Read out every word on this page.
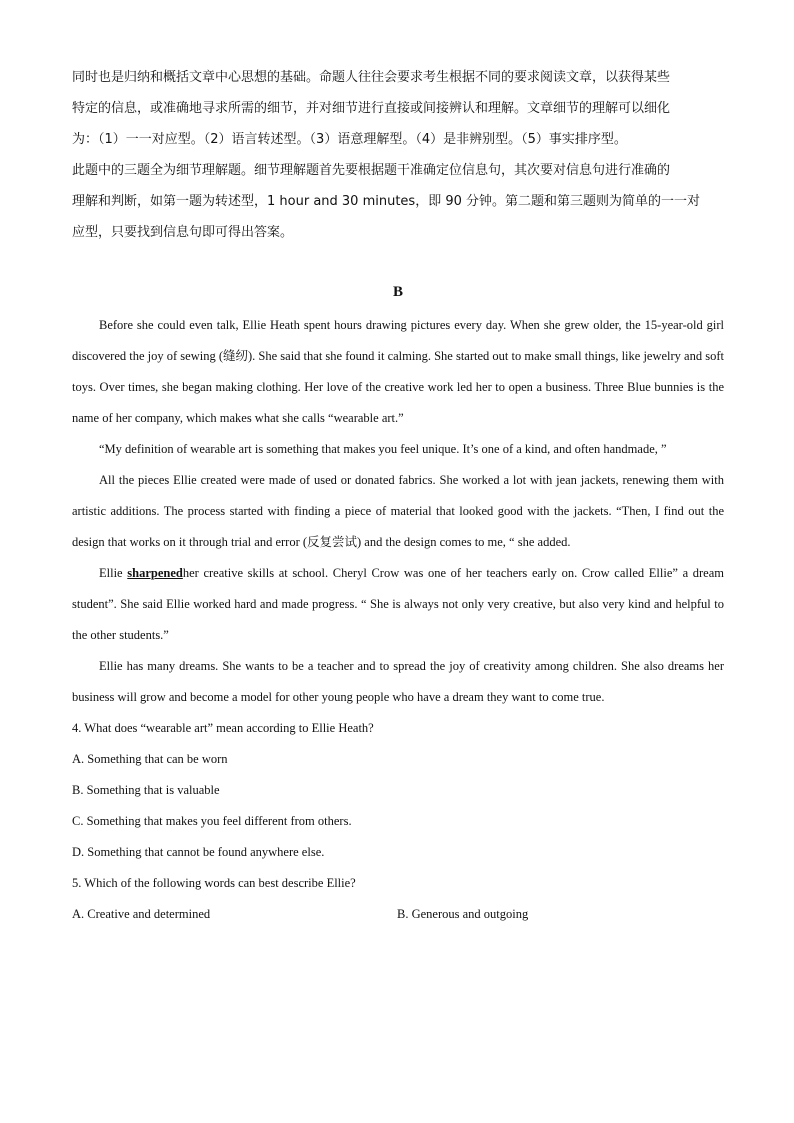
同时也是归纳和概括文章中心思想的基础。命题人往往会要求考生根据不同的要求阅读文章，以获得某些

特定的信息，或准确地寻求所需的细节，并对细节进行直接或间接辨认和理解。文章细节的理解可以细化

为：（1）一一对应型。（2）语言转述型。（3）语意理解型。（4）是非辨别型。（5）事实排序型。

此题中的三题全为细节理解题。细节理解题首先要根据题干准确定位信息句，其次要对信息句进行准确的

理解和判断，如第一题为转述型，1 hour and 30 minutes，即 90 分钟。第二题和第三题则为简单的一一对

应型，只要找到信息句即可得出答案。

B

Before she could even talk, Ellie Heath spent hours drawing pictures every day. When she grew older, the 15-year-old girl discovered the joy of sewing (缝纫). She said that she found it calming. She started out to make small things, like jewelry and soft toys. Over times, she began making clothing. Her love of the creative work led her to open a business. Three Blue bunnies is the name of her company, which makes what she calls “wearable art.”

“My definition of wearable art is something that makes you feel unique. It’s one of a kind, and often handmade, ”

All the pieces Ellie created were made of used or donated fabrics. She worked a lot with jean jackets, renewing them with artistic additions. The process started with finding a piece of material that looked good with the jackets. “Then, I find out the design that works on it through trial and error (反复尝试) and the design comes to me, “ she added.

Ellie sharpenedher creative skills at school. Cheryl Crow was one of her teachers early on. Crow called Ellie” a dream student”. She said Ellie worked hard and made progress. “ She is always not only very creative, but also very kind and helpful to the other students.”

Ellie has many dreams. She wants to be a teacher and to spread the joy of creativity among children. She also dreams her business will grow and become a model for other young people who have a dream they want to come true.

4. What does “wearable art” mean according to Ellie Heath?

A. Something that can be worn

B. Something that is valuable

C. Something that makes you feel different from others.

D. Something that cannot be found anywhere else.

5. Which of the following words can best describe Ellie?

A. Creative and determined	B. Generous and outgoing
